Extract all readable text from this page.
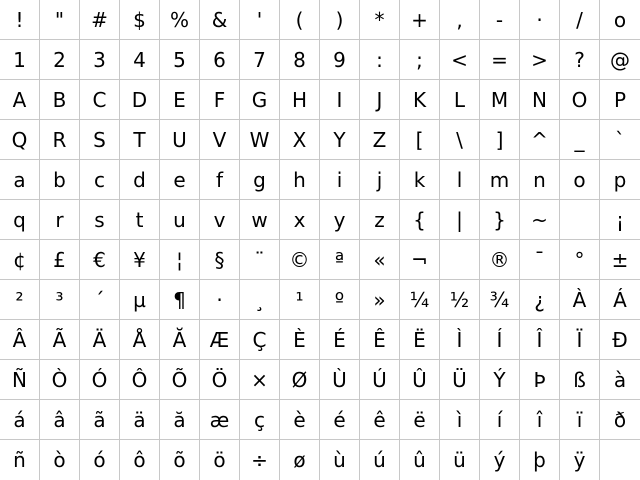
! " # $ % & ' ( ) * + , - · / o
1 2 3 4 5 6 7 8 9 : ; < = > ? @
A B C D E F G H I J K L M N O P
Q R S T U V W X Y Z [ \ ] ^ _ `
a b c d e f g h i j k l m n o p
q r s t u v w x y z { | } ~	¡
¢ £ € ¥ ¦ § ¨ © ª « ¬	® ¯ ° ±
² ³ ´ µ ¶ · ¸ ¹ º » ¼ ½ ¾ ¿ À Á
Â Ã Ä Å Ă Æ Ç È É Ê Ë Ì Í Î Ï Ð
Ñ Ò Ó Ô Õ Ö × Ø Ù Ú Û Ü Ý Þ ß à
á â ã ä ă æ ç è é ê ë ì í î ï ð
ñ ò ó ô õ ö ÷ ø ù ú û ü ý þ ÿ
